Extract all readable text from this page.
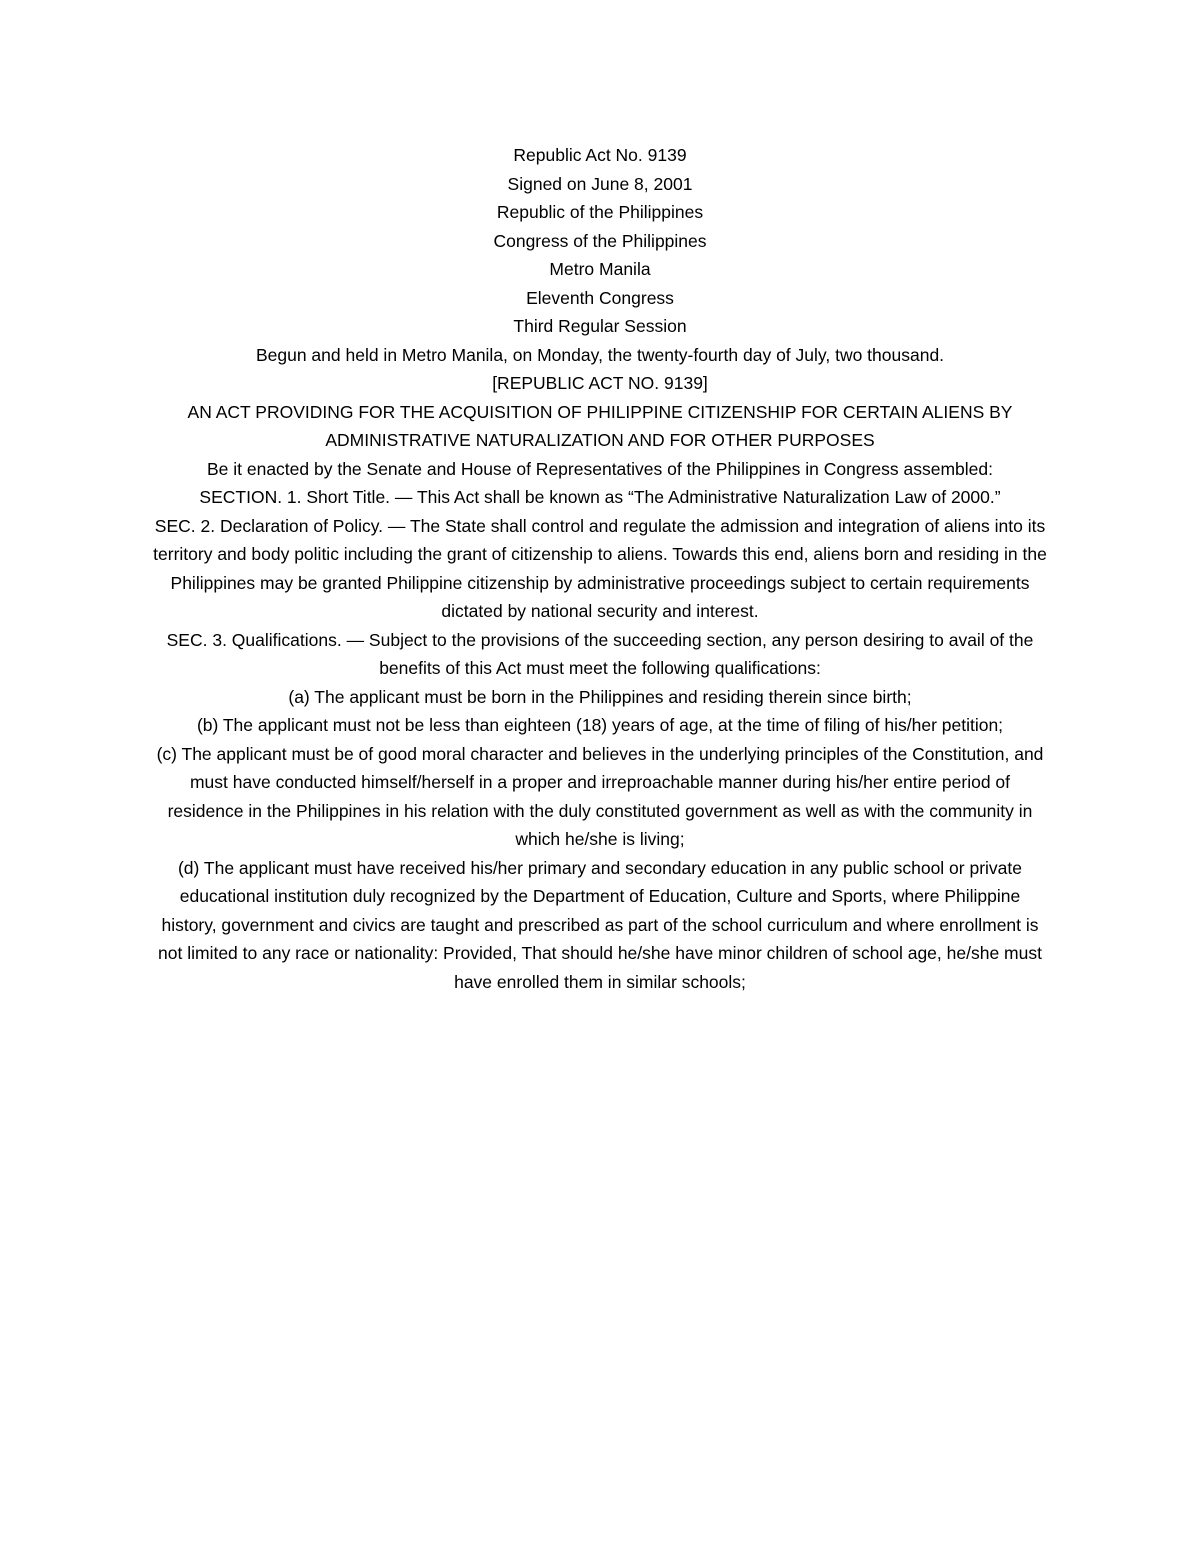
Republic Act No. 9139
Signed on June 8, 2001
Republic of the Philippines

Congress of the Philippines
Metro Manila
Eleventh Congress
Third Regular Session

Begun and held in Metro Manila, on Monday, the twenty-fourth day of July, two thousand.

[REPUBLIC ACT NO. 9139]

AN ACT PROVIDING FOR THE ACQUISITION OF PHILIPPINE CITIZENSHIP FOR CERTAIN ALIENS BY ADMINISTRATIVE NATURALIZATION AND FOR OTHER PURPOSES

Be it enacted by the Senate and House of Representatives of the Philippines in Congress assembled:

SECTION. 1. Short Title. — This Act shall be known as “The Administrative Naturalization Law of 2000.”

SEC. 2. Declaration of Policy. — The State shall control and regulate the admission and integration of aliens into its territory and body politic including the grant of citizenship to aliens. Towards this end, aliens born and residing in the Philippines may be granted Philippine citizenship by administrative proceedings subject to certain requirements dictated by national security and interest.

SEC. 3. Qualifications. — Subject to the provisions of the succeeding section, any person desiring to avail of the benefits of this Act must meet the following qualifications:

(a) The applicant must be born in the Philippines and residing therein since birth;

(b) The applicant must not be less than eighteen (18) years of age, at the time of filing of his/her petition;

(c) The applicant must be of good moral character and believes in the underlying principles of the Constitution, and must have conducted himself/herself in a proper and irreproachable manner during his/her entire period of residence in the Philippines in his relation with the duly constituted government as well as with the community in which he/she is living;

(d) The applicant must have received his/her primary and secondary education in any public school or private educational institution duly recognized by the Department of Education, Culture and Sports, where Philippine history, government and civics are taught and prescribed as part of the school curriculum and where enrollment is not limited to any race or nationality: Provided, That should he/she have minor children of school age, he/she must have enrolled them in similar schools;
